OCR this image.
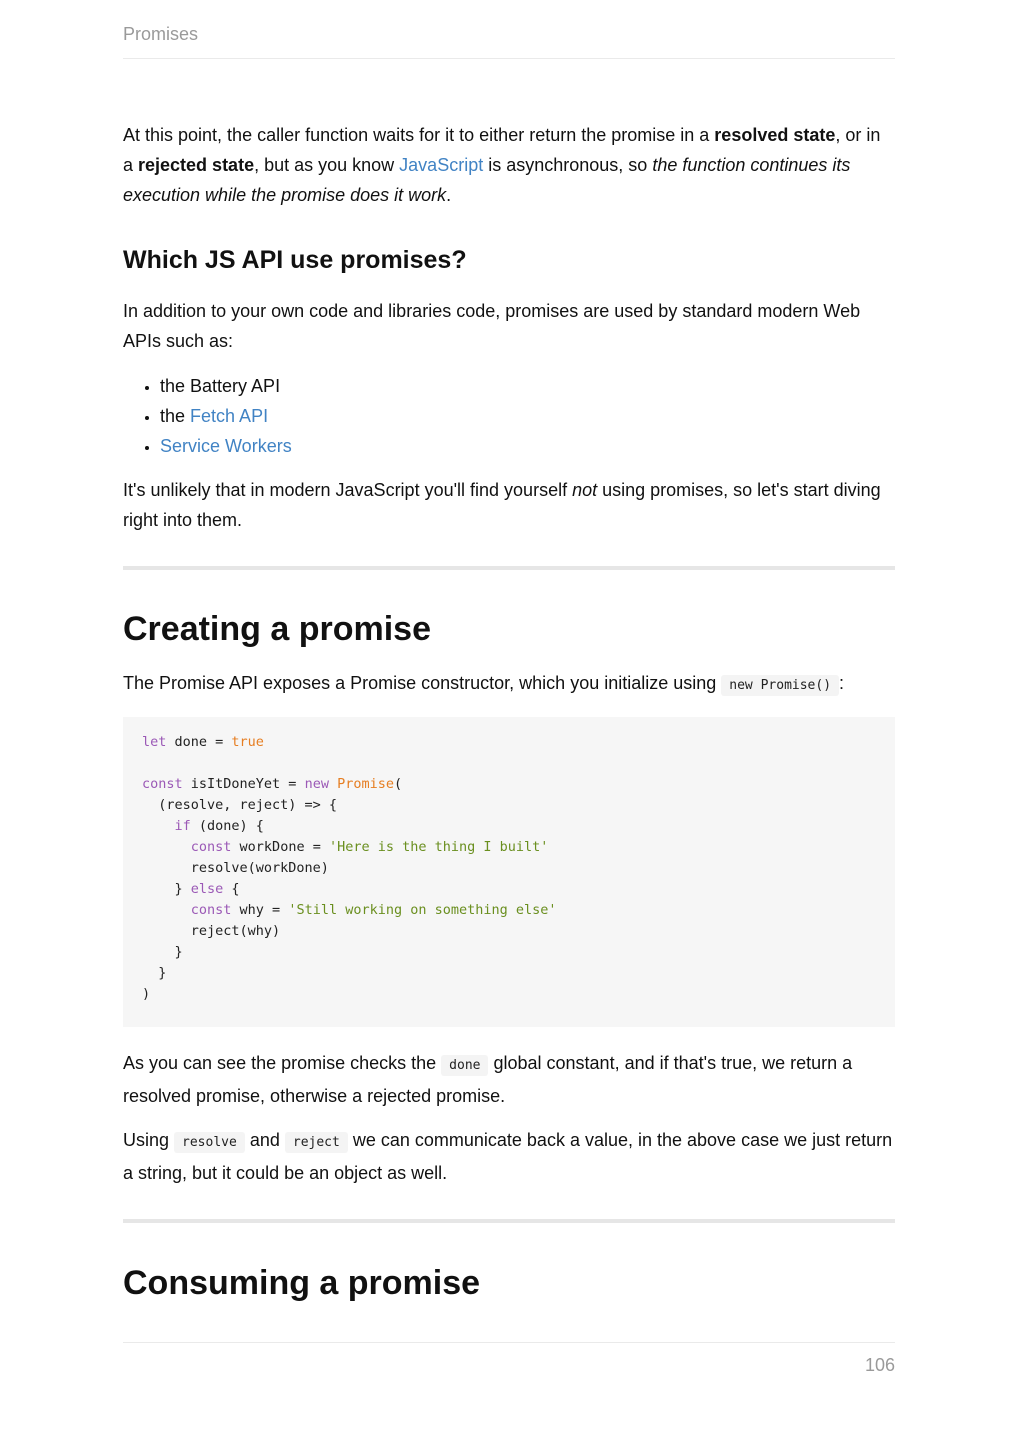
Promises

At this point, the caller function waits for it to either return the promise in a resolved state, or in a rejected state, but as you know JavaScript is asynchronous, so the function continues its execution while the promise does it work.

Which JS API use promises?

In addition to your own code and libraries code, promises are used by standard modern Web APIs such as:

• the Battery API
• the Fetch API
• Service Workers

It's unlikely that in modern JavaScript you'll find yourself not using promises, so let's start diving right into them.

Creating a promise

The Promise API exposes a Promise constructor, which you initialize using new Promise() :

let done = true

const isItDoneYet = new Promise(
(resolve, reject) => {
if (done) {
const workDone = 'Here is the thing I built'
resolve(workDone)
} else {
const why = 'Still working on something else'
reject(why)
}
}
)

As you can see the promise checks the done global constant, and if that's true, we return a resolved promise, otherwise a rejected promise.

Using resolve and reject we can communicate back a value, in the above case we just return a string, but it could be an object as well.

Consuming a promise
106
